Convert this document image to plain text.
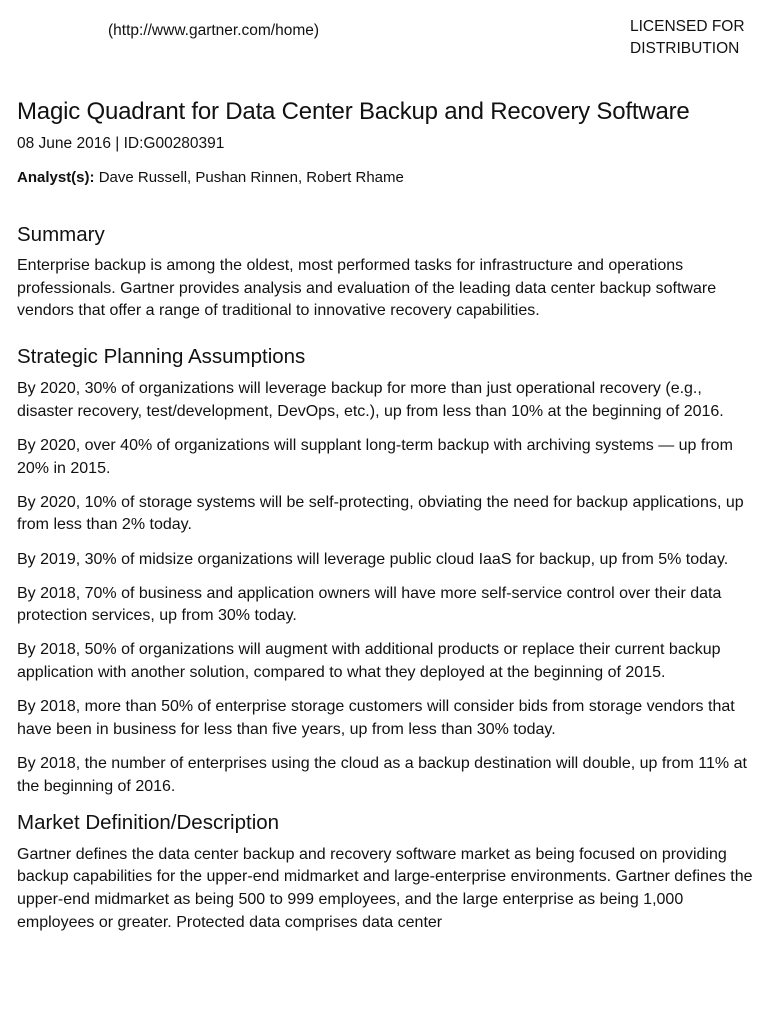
(http://www.gartner.com/home)	LICENSED FOR
DISTRIBUTION
Magic Quadrant for Data Center Backup and Recovery Software
08 June 2016 | ID:G00280391
Analyst(s): Dave Russell, Pushan Rinnen, Robert Rhame
Summary

Enterprise backup is among the oldest, most performed tasks for infrastructure and operations professionals. Gartner provides analysis and evaluation of the leading data center backup software vendors that offer a range of traditional to innovative recovery capabilities.

Strategic Planning Assumptions

By 2020, 30% of organizations will leverage backup for more than just operational recovery (e.g., disaster recovery, test/development, DevOps, etc.), up from less than 10% at the beginning of 2016.

By 2020, over 40% of organizations will supplant long-term backup with archiving systems — up from 20% in 2015.

By 2020, 10% of storage systems will be self-protecting, obviating the need for backup applications, up from less than 2% today.

By 2019, 30% of midsize organizations will leverage public cloud IaaS for backup, up from 5% today.

By 2018, 70% of business and application owners will have more self-service control over their data protection services, up from 30% today.

By 2018, 50% of organizations will augment with additional products or replace their current backup application with another solution, compared to what they deployed at the beginning of 2015.

By 2018, more than 50% of enterprise storage customers will consider bids from storage vendors that have been in business for less than five years, up from less than 30% today.

By 2018, the number of enterprises using the cloud as a backup destination will double, up from 11% at the beginning of 2016.

Market Definition/Description

Gartner defines the data center backup and recovery software market as being focused on providing backup capabilities for the upper-end midmarket and large-enterprise environments. Gartner defines the upper-end midmarket as being 500 to 999 employees, and the large enterprise as being 1,000 employees or greater. Protected data comprises data center
